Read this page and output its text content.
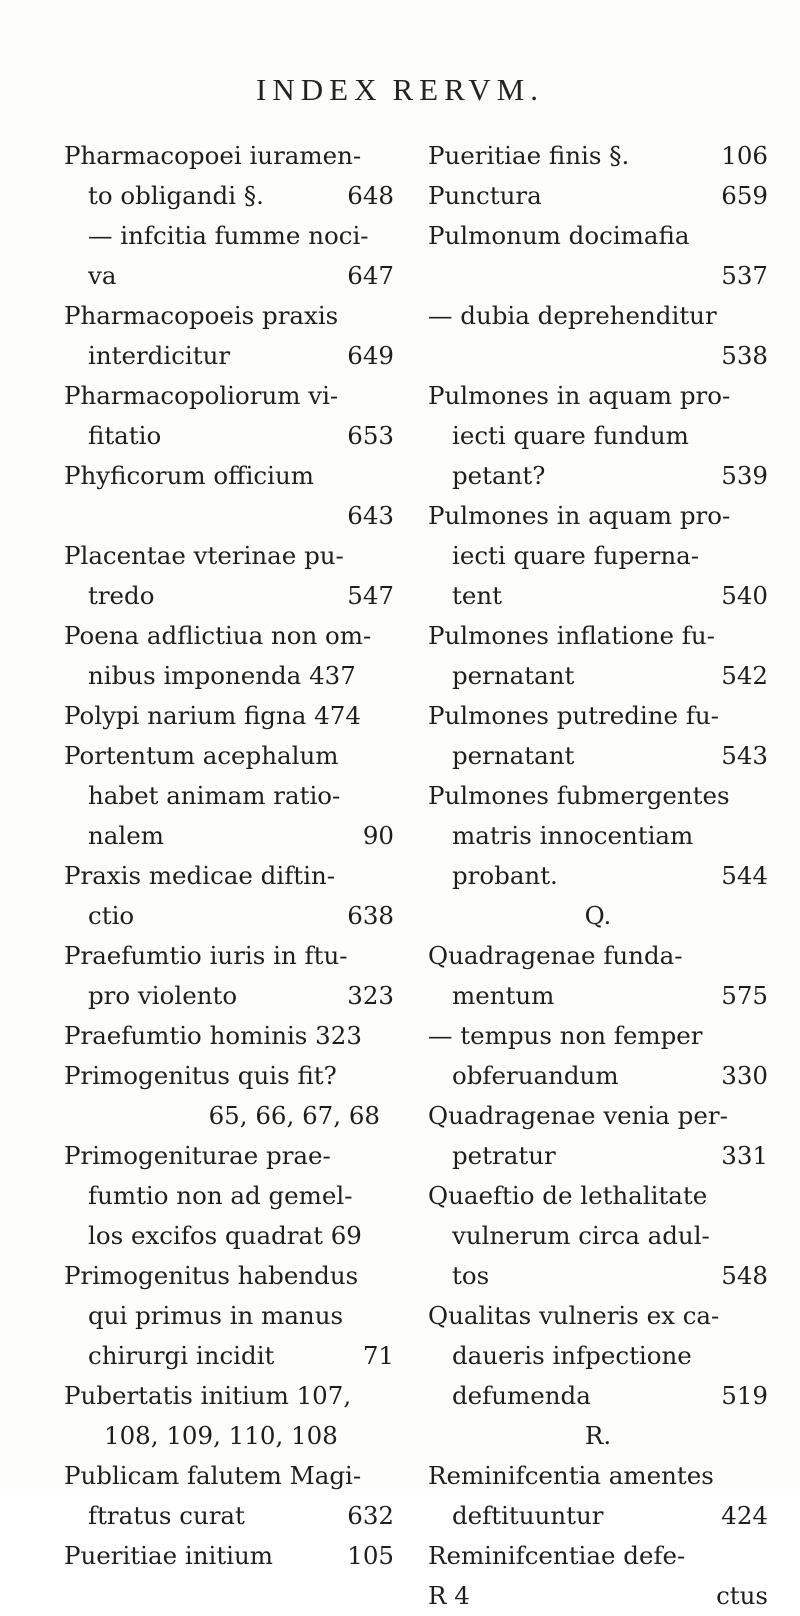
INDEX RERVM.
Pharmacopoei iuramen-
to obligandi §.	648
— infcitia fumme noci-
va	647
Pharmacopoeis praxis
interdicitur	649
Pharmacopoliorum vi-
fitatio	653
Phyficorum officium
643
Placentae vterinae pu-
tredo	547
Poena adflictiua non om-
nibus imponenda 437
Polypi narium figna 474
Portentum acephalum
habet animam ratio-
nalem	90
Praxis medicae diftin-
ctio	638
Praefumtio iuris in ftu-
pro violento	323
Praefumtio hominis 323
Primogenitus quis fit?
65, 66, 67, 68
Primogeniturae prae-
fumtio non ad gemel-
los excifos quadrat 69
Primogenitus habendus
qui primus in manus
chirurgi incidit	71
Pubertatis initium 107,
108, 109, 110, 108
Publicam falutem Magi-
ftratus curat	632
Pueritiae initium	105
Pueritiae finis §.	106
Punctura	659
Pulmonum docimafia
537
— dubia deprehenditur
538
Pulmones in aquam pro-
iecti quare fundum
petant?	539
Pulmones in aquam pro-
iecti quare fuperna-
tent	540
Pulmones inflatione fu-
pernatant	542
Pulmones putredine fu-
pernatant	543
Pulmones fubmergentes
matris innocentiam
probant.	544
Q.
Quadragenae funda-
mentum	575
— tempus non femper
obferuandum	330
Quadragenae venia per-
petratur	331
Quaeftio de lethalitate
vulnerum circa adul-
tos	548
Qualitas vulneris ex ca-
daueris infpectione
defumenda	519
R.
Reminifcentia amentes
deftituuntur	424
Reminifcentiae defe-
R 4	ctus
